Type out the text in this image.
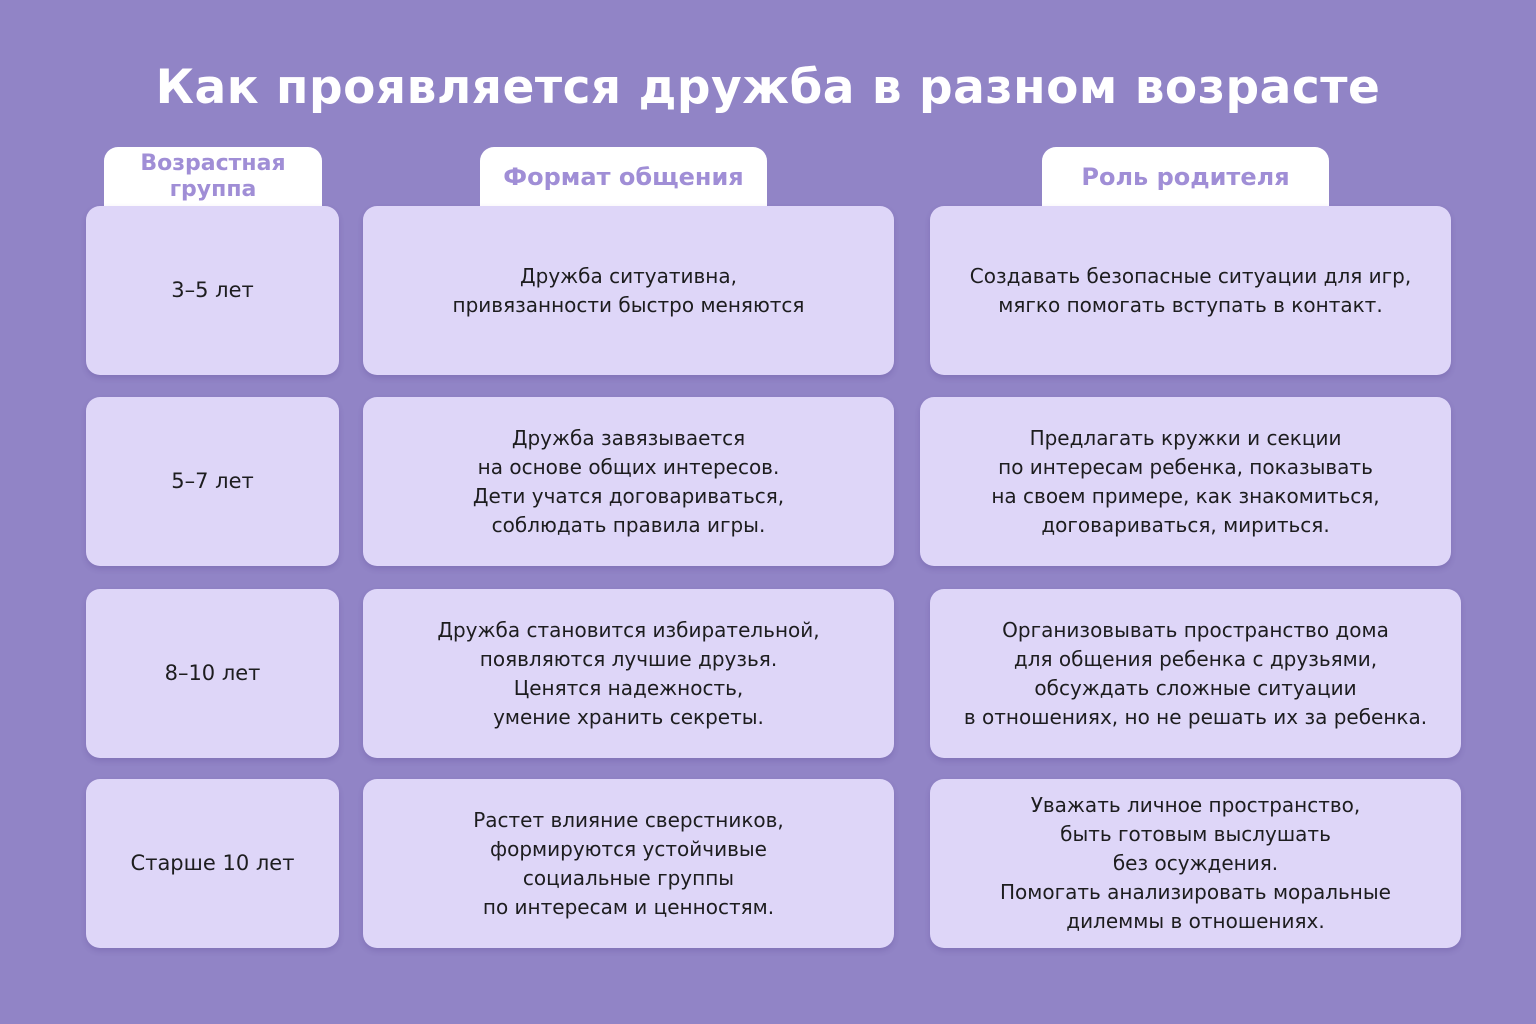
Как проявляется дружба в разном возрасте
Возрастная
группа	Формат общения	Роль родителя
3–5 лет
Дружба ситуативна,
привязанности быстро меняются
Создавать безопасные ситуации для игр,
мягко помогать вступать в контакт.
5–7 лет
Дружба завязывается
на основе общих интересов.
Дети учатся договариваться,
соблюдать правила игры.
Предлагать кружки и секции
по интересам ребенка, показывать
на своем примере, как знакомиться,
договариваться, мириться.
8–10 лет
Дружба становится избирательной,
появляются лучшие друзья.
Ценятся надежность,
умение хранить секреты.
Организовывать пространство дома
для общения ребенка с друзьями,
обсуждать сложные ситуации
в отношениях, но не решать их за ребенка.
Старше 10 лет
Растет влияние сверстников,
формируются устойчивые
социальные группы
по интересам и ценностям.
Уважать личное пространство,
быть готовым выслушать
без осуждения.
Помогать анализировать моральные
дилеммы в отношениях.
